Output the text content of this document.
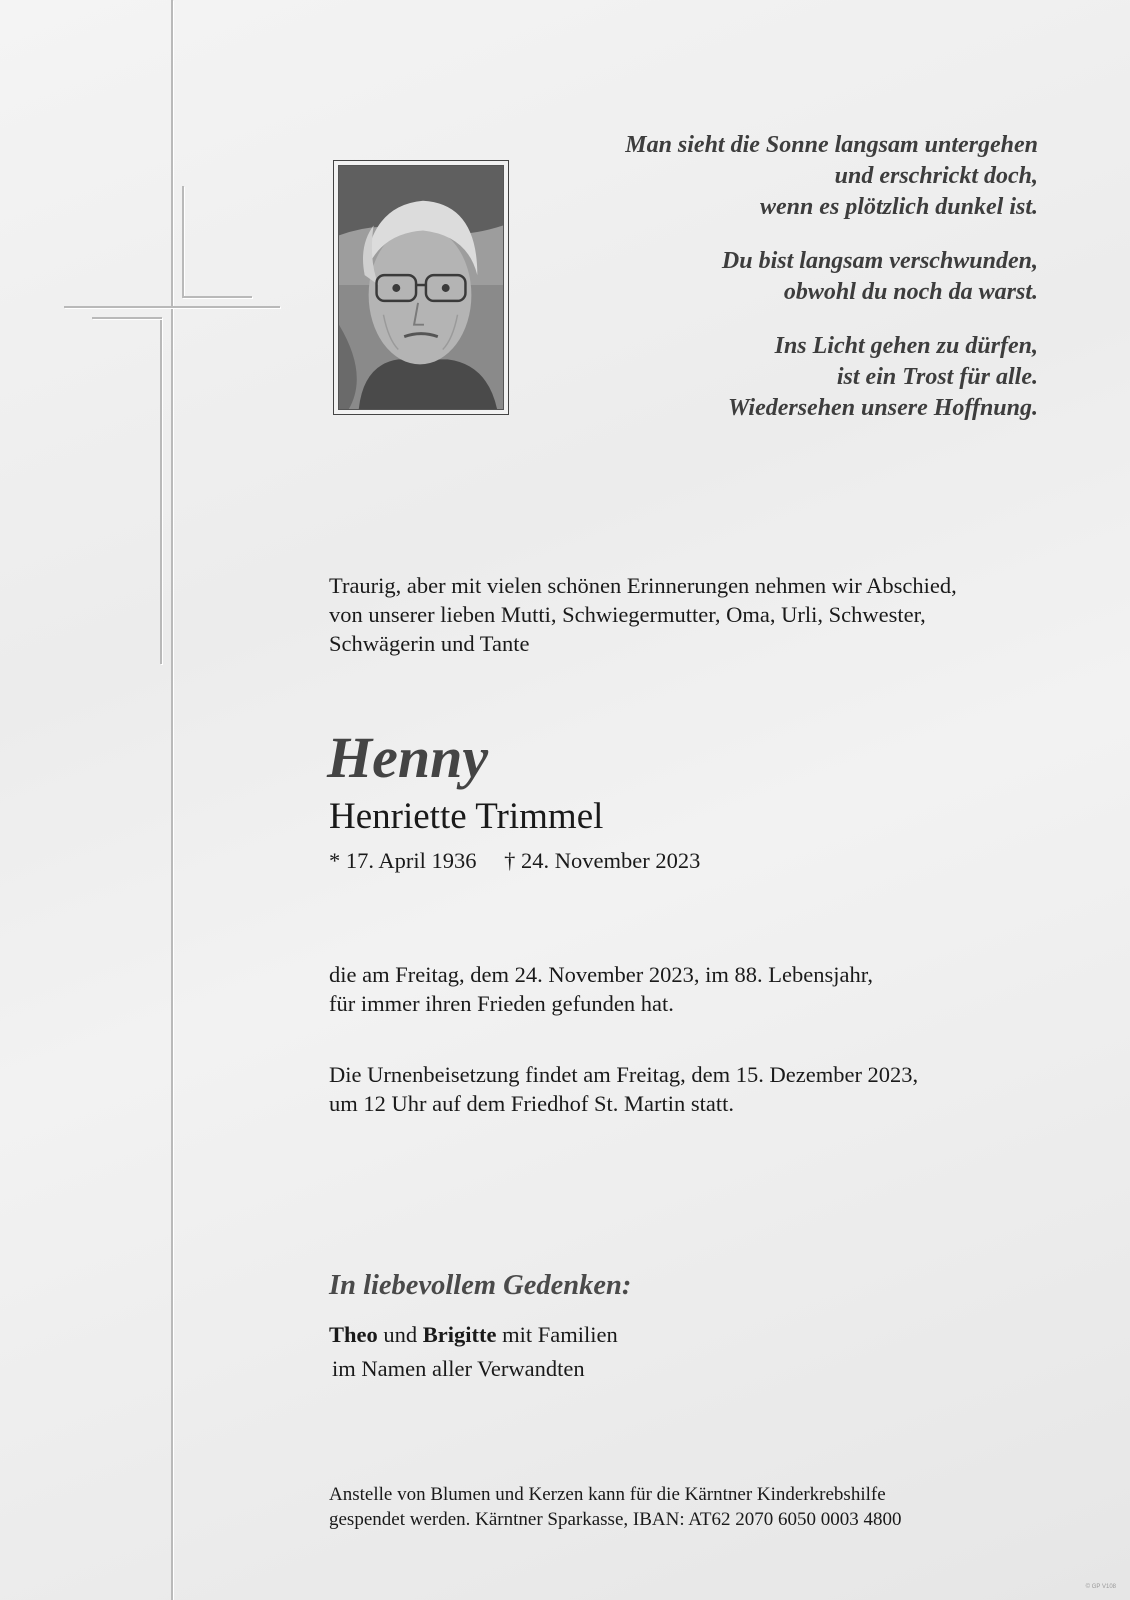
Man sieht die Sonne langsam untergehen
und erschrickt doch,
wenn es plötzlich dunkel ist.
Du bist langsam verschwunden,
obwohl du noch da warst.
Ins Licht gehen zu dürfen,
ist ein Trost für alle.
Wiedersehen unsere Hoffnung.
Traurig, aber mit vielen schönen Erinnerungen nehmen wir Abschied,
von unserer lieben Mutti, Schwiegermutter, Oma, Urli, Schwester,
Schwägerin und Tante
Henny
Henriette Trimmel
* 17. April 1936 † 24. November 2023
die am Freitag, dem 24. November 2023, im 88. Lebensjahr,
für immer ihren Frieden gefunden hat.
Die Urnenbeisetzung findet am Freitag, dem 15. Dezember 2023,
um 12 Uhr auf dem Friedhof St. Martin statt.
In liebevollem Gedenken:
Theo und Brigitte mit Familien
im Namen aller Verwandten
Anstelle von Blumen und Kerzen kann für die Kärntner Kinderkrebshilfe
gespendet werden. Kärntner Sparkasse, IBAN: AT62 2070 6050 0003 4800
© GP V108
